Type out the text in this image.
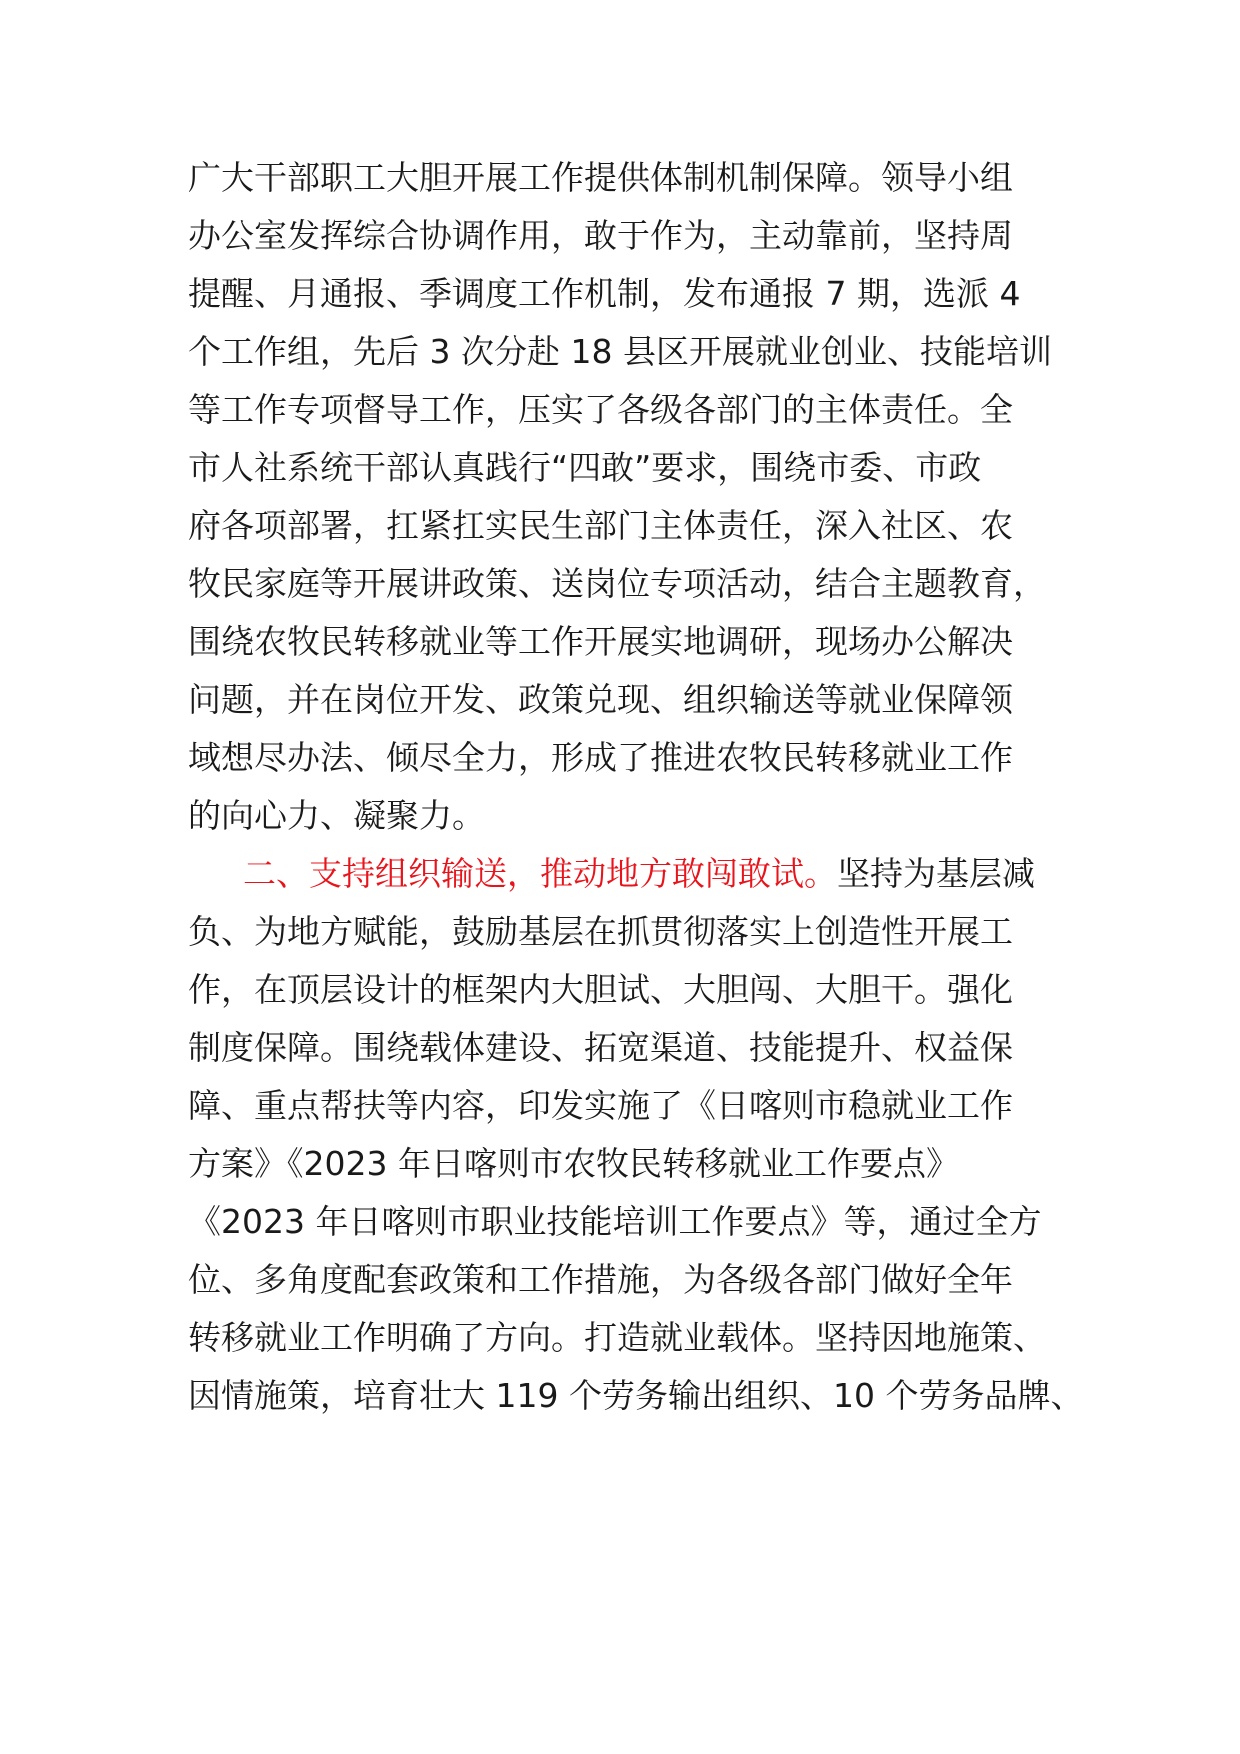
广大干部职工大胆开展工作提供体制机制保障。领导小组
办公室发挥综合协调作用，敢于作为，主动靠前，坚持周
提醒、月通报、季调度工作机制，发布通报 7 期，选派 4
个工作组，先后 3 次分赴 18 县区开展就业创业、技能培训
等工作专项督导工作，压实了各级各部门的主体责任。全
市人社系统干部认真践行“四敢”要求，围绕市委、市政
府各项部署，扛紧扛实民生部门主体责任，深入社区、农
牧民家庭等开展讲政策、送岗位专项活动，结合主题教育，
围绕农牧民转移就业等工作开展实地调研，现场办公解决
问题，并在岗位开发、政策兑现、组织输送等就业保障领
域想尽办法、倾尽全力，形成了推进农牧民转移就业工作
的向心力、凝聚力。
二、支持组织输送，推动地方敢闯敢试。坚持为基层减
负、为地方赋能，鼓励基层在抓贯彻落实上创造性开展工
作，在顶层设计的框架内大胆试、大胆闯、大胆干。强化
制度保障。围绕载体建设、拓宽渠道、技能提升、权益保
障、重点帮扶等内容，印发实施了《日喀则市稳就业工作
方案》《2023 年日喀则市农牧民转移就业工作要点》
《2023 年日喀则市职业技能培训工作要点》等，通过全方
位、多角度配套政策和工作措施，为各级各部门做好全年
转移就业工作明确了方向。打造就业载体。坚持因地施策、
因情施策，培育壮大 119 个劳务输出组织、10 个劳务品牌、
